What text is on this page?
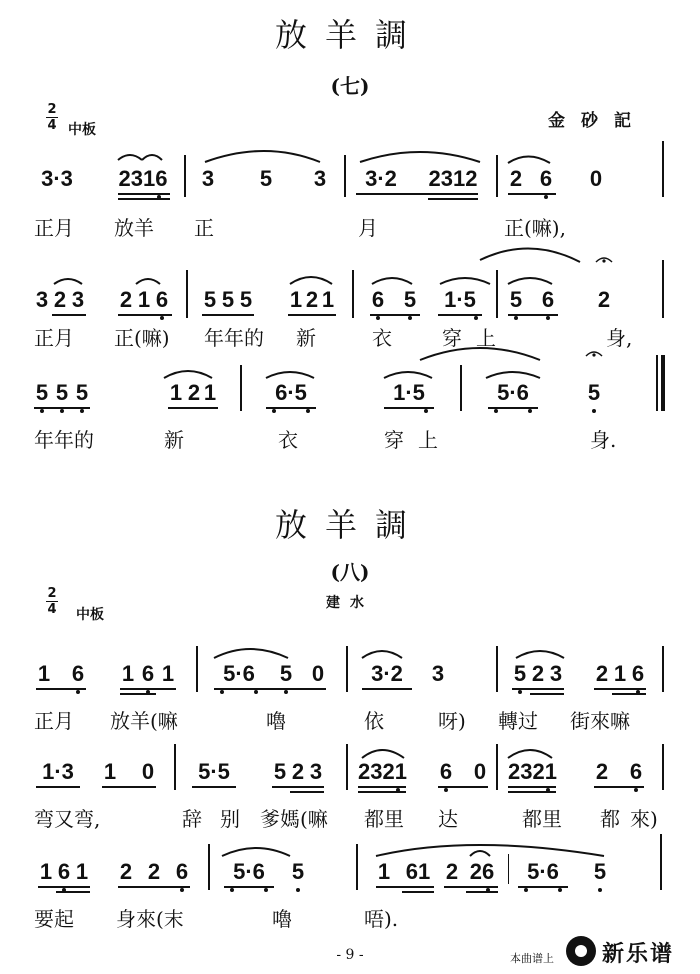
放羊調
(七)
2
4 中板	金砂記
3·3 2316 3 5 3	3·2	2312 2 6 0
正月 放羊 正	月	正(嘛),
3 2 3 2 1 6 5 5 5 1 2 1 6 5 1·5 5 6 2
正月 正(嘛) 年年的 新	衣	穿 上	身,
5 5 5	1 2 1	6·5	1·5	5·6	5
年年的	新	衣	穿上	身.
放羊調
(八)
2
4 中板
建水
1 6 1 6 1	5·6	5 0	3·2	3	5 2 3 2 1 6
正月 放羊(嘛	嚕	依	呀) 轉过 街來嘛
1·3 1 0 5·5 5 2 3 2321 6 0 2321 2 6
弯又弯,	辞 别 爹媽(嘛 都里 达	都里 都 來)
1 6 1 2 2 6	5·6	5	1 61 2 26	5·6	5
要起 身來(末	嚕	唔).
- 9 -	本曲谱上 新乐谱
